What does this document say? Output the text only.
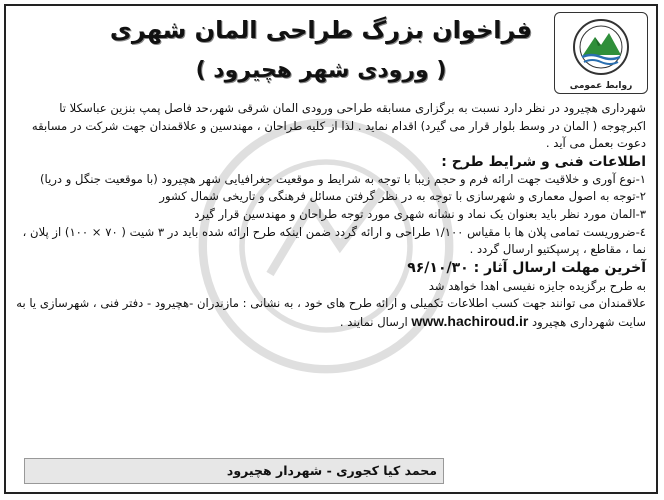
روابط عمومی
فراخوان بزرگ طراحی المان شهری
( ورودی شهر هچیرود )

شهرداری هچیرود در نظر دارد نسبت به برگزاری مسابقه طراحی ورودی المان شرقی شهر،حد فاصل پمپ بنزین عباسکلا تا اکبرچوجه ( المان در وسط بلوار قرار می گیرد) اقدام نماید . لذا از کلیه طراحان ، مهندسین و علاقمندان جهت شرکت در مسابقه دعوت بعمل می آید .

اطلاعات فنی و شرایط طرح :

۱-نوع آوری و خلاقیت جهت ارائه فرم و حجم زیبا با توجه به شرایط و موقعیت جغرافیایی شهر هچیرود (با موقعیت جنگل و دریا)

۲-توجه به اصول معماری و شهرسازی با توجه به در نظر گرفتن مسائل فرهنگی و تاریخی شمال کشور

۳-المان مورد نظر باید بعنوان یک نماد و نشانه شهری مورد توجه طراحان و مهندسین قرار گیرد

٤-ضروریست تمامی پلان ها با مقیاس ۱/۱۰۰ طراحی و ارائه گردد ضمن اینکه طرح ارائه شده باید در ۳ شیت ( ۷۰ × ۱۰۰) از پلان ، نما ، مقاطع ، پرسپکتیو ارسال گردد .

آخرین مهلت ارسال آثار : ۹۶/۱۰/۳۰

به طرح برگزیده جایزه نفیسی اهدا خواهد شد

علاقمندان می توانند جهت کسب اطلاعات تکمیلی و ارائه طرح های خود ، به نشانی : مازندران -هچیرود - دفتر فنی ، شهرسازی یا به سایت شهرداری هچیرود www.hachiroud.ir ارسال نمایند .

محمد کیا کجوری - شهردار هچیرود
